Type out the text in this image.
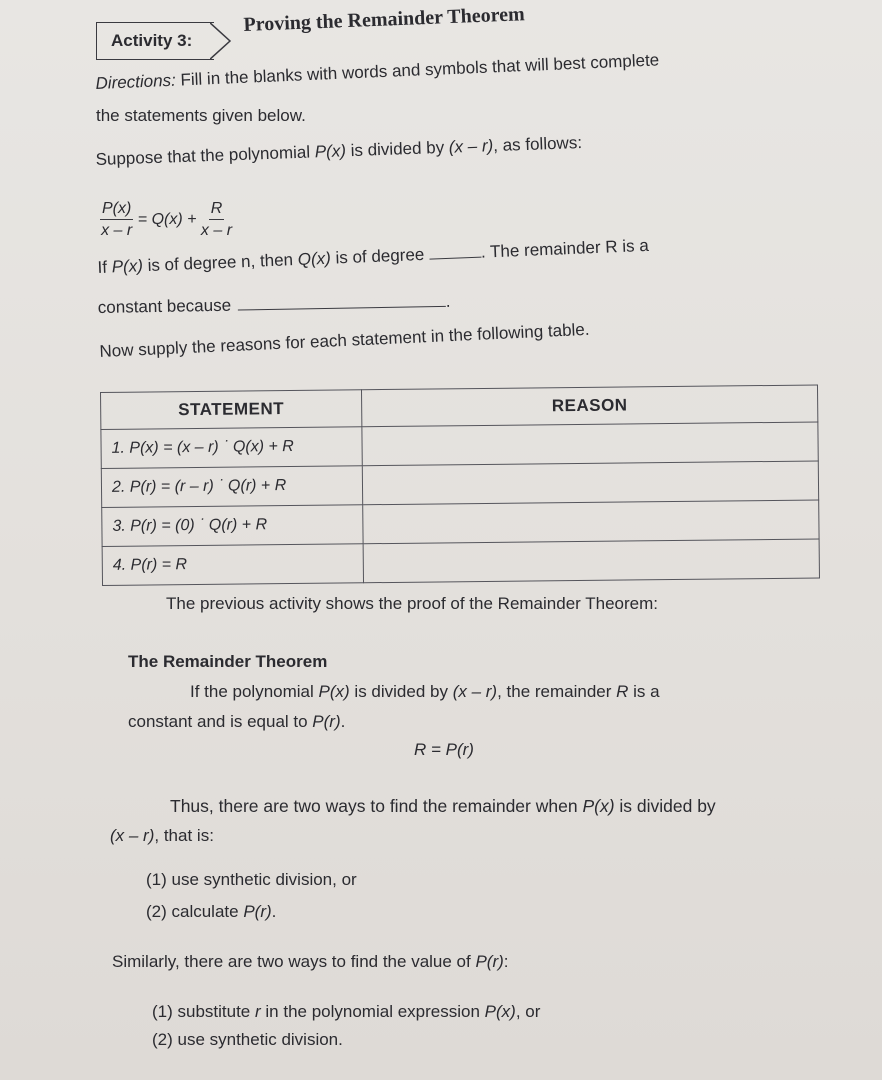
Activity 3:
Proving the Remainder Theorem
Directions: Fill in the blanks with words and symbols that will best complete
the statements given below.
Suppose that the polynomial P(x) is divided by (x – r), as follows:
$\frac{P(x)}{x - r} = Q(x) + \frac{R}{x - r}$
If P(x) is of degree n, then Q(x) is of degree	. The remainder R is a
constant because	.
Now supply the reasons for each statement in the following table.
STATEMENT	REASON
1. P(x) = (x – r) ˙ Q(x) + R	
2. P(r) = (r – r) ˙ Q(r) + R	
3. P(r) = (0) ˙ Q(r) + R	
4. P(r) = R	
The previous activity shows the proof of the Remainder Theorem:
The Remainder Theorem
If the polynomial P(x) is divided by (x – r), the remainder R is a
constant and is equal to P(r).
R = P(r)
Thus, there are two ways to find the remainder when P(x) is divided by
(x – r), that is:
(1) use synthetic division, or
(2) calculate P(r).
Similarly, there are two ways to find the value of P(r):
(1) substitute r in the polynomial expression P(x), or
(2) use synthetic division.
